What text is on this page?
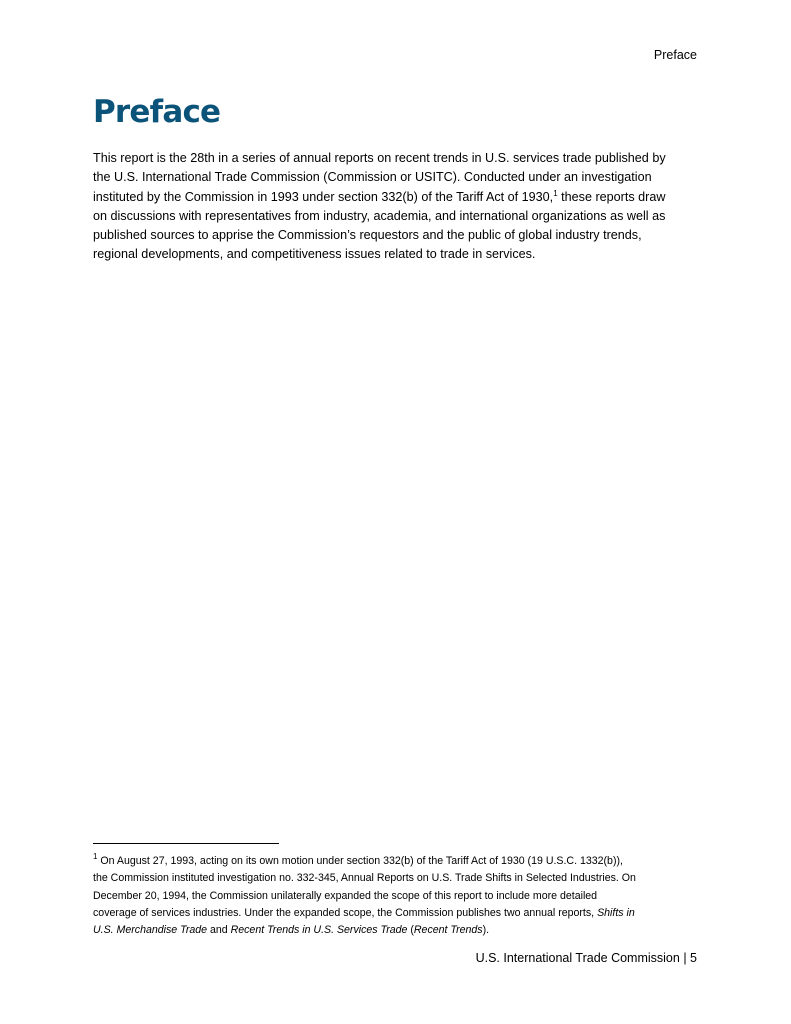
Preface
Preface

This report is the 28th in a series of annual reports on recent trends in U.S. services trade published by
the U.S. International Trade Commission (Commission or USITC). Conducted under an investigation
instituted by the Commission in 1993 under section 332(b) of the Tariff Act of 1930,$^1$ these reports draw
on discussions with representatives from industry, academia, and international organizations as well as
published sources to apprise the Commission’s requestors and the public of global industry trends,
regional developments, and competitiveness issues related to trade in services.

$^1$ On August 27, 1993, acting on its own motion under section 332(b) of the Tariff Act of 1930 (19 U.S.C. 1332(b)),
the Commission instituted investigation no. 332-345, Annual Reports on U.S. Trade Shifts in Selected Industries. On
December 20, 1994, the Commission unilaterally expanded the scope of this report to include more detailed
coverage of services industries. Under the expanded scope, the Commission publishes two annual reports, Shifts in
U.S. Merchandise Trade and Recent Trends in U.S. Services Trade (Recent Trends).

U.S. International Trade Commission | 5
